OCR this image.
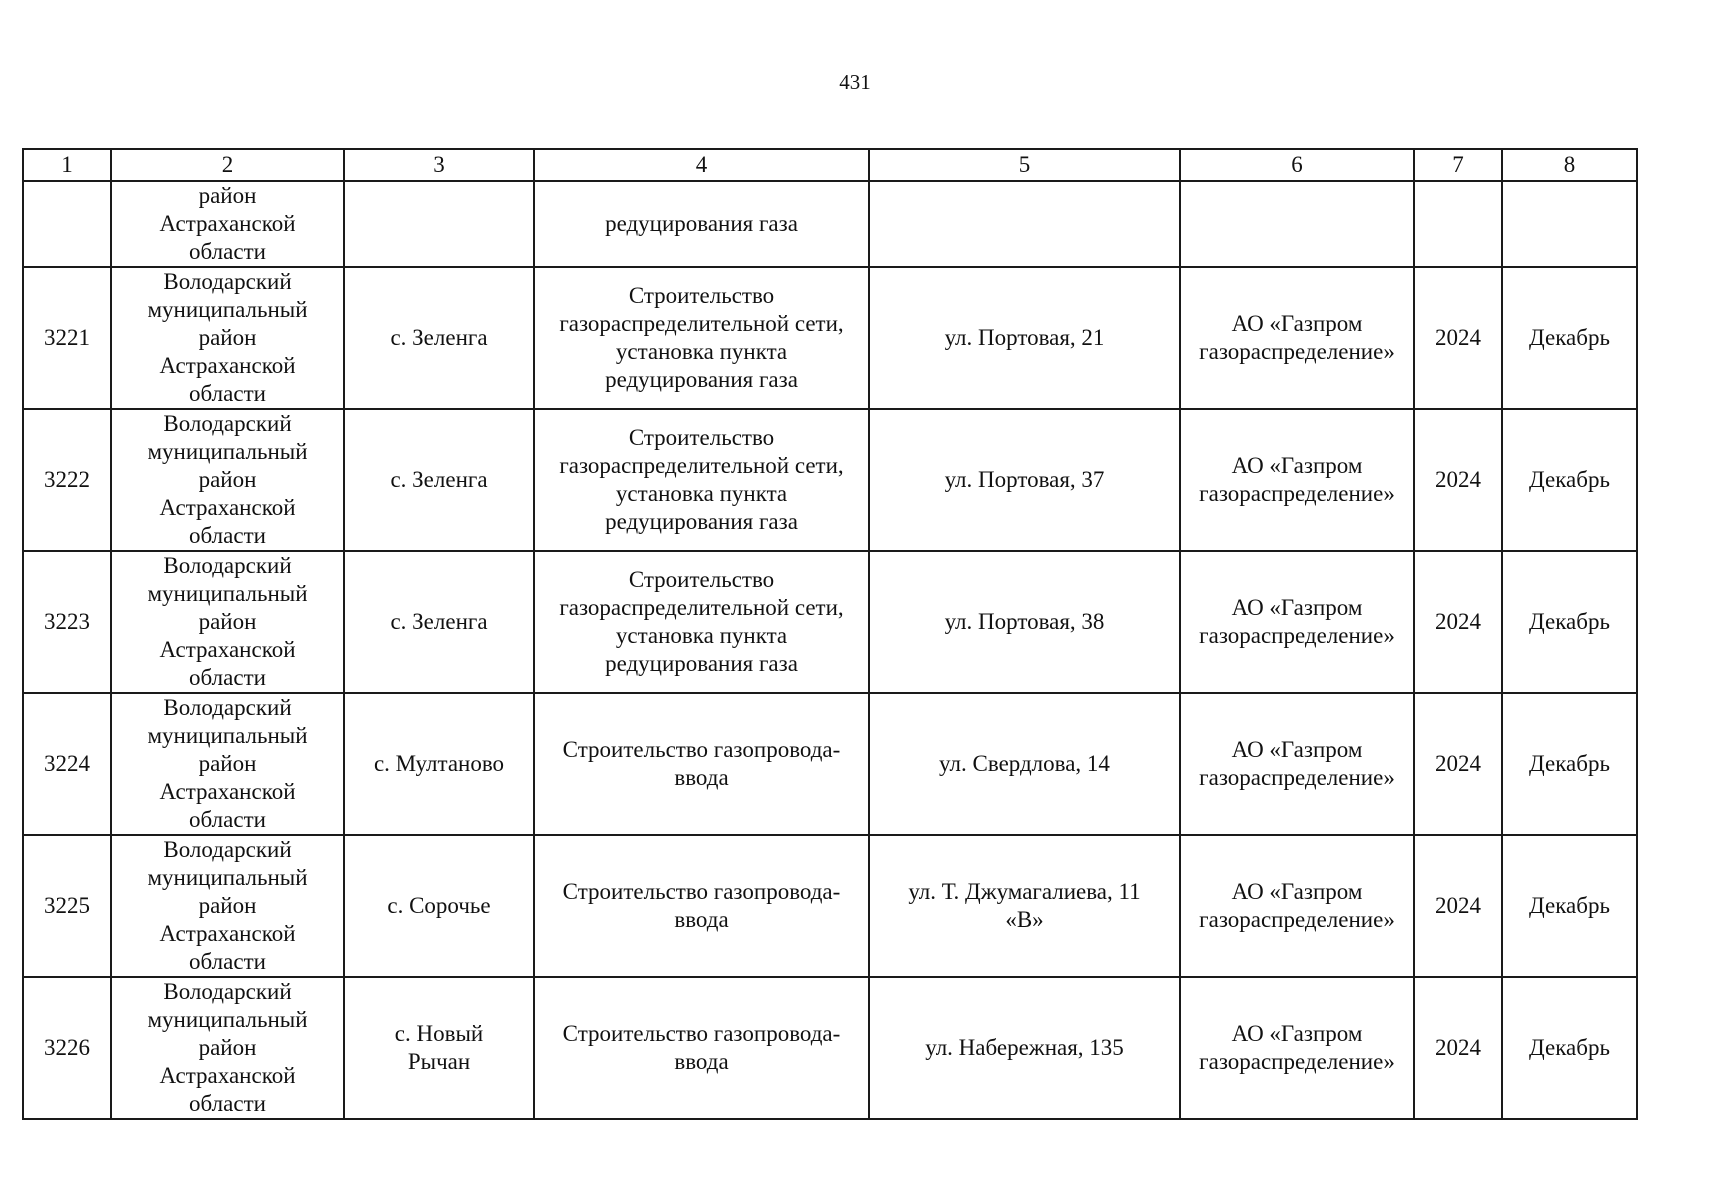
431
1	2	3	4	5	6	7	8

	район
Астраханской
области		редуцирования газа				

3221	Володарский
муниципальный
район
Астраханской
области	с. Зеленга	Строительство
газораспределительной сети,
установка пункта
редуцирования газа	ул. Портовая, 21	АО «Газпром
газораспределение»	2024	Декабрь

3222	Володарский
муниципальный
район
Астраханской
области	с. Зеленга	Строительство
газораспределительной сети,
установка пункта
редуцирования газа	ул. Портовая, 37	АО «Газпром
газораспределение»	2024	Декабрь

3223	Володарский
муниципальный
район
Астраханской
области	с. Зеленга	Строительство
газораспределительной сети,
установка пункта
редуцирования газа	ул. Портовая, 38	АО «Газпром
газораспределение»	2024	Декабрь

3224	Володарский
муниципальный
район
Астраханской
области	с. Мултаново	Строительство газопровода-
ввода	ул. Свердлова, 14	АО «Газпром
газораспределение»	2024	Декабрь

3225	Володарский
муниципальный
район
Астраханской
области	с. Сорочье	Строительство газопровода-
ввода	ул. Т. Джумагалиева, 11
«В»	АО «Газпром
газораспределение»	2024	Декабрь

3226	Володарский
муниципальный
район
Астраханской
области	с. Новый
Рычан	Строительство газопровода-
ввода	ул. Набережная, 135	АО «Газпром
газораспределение»	2024	Декабрь
